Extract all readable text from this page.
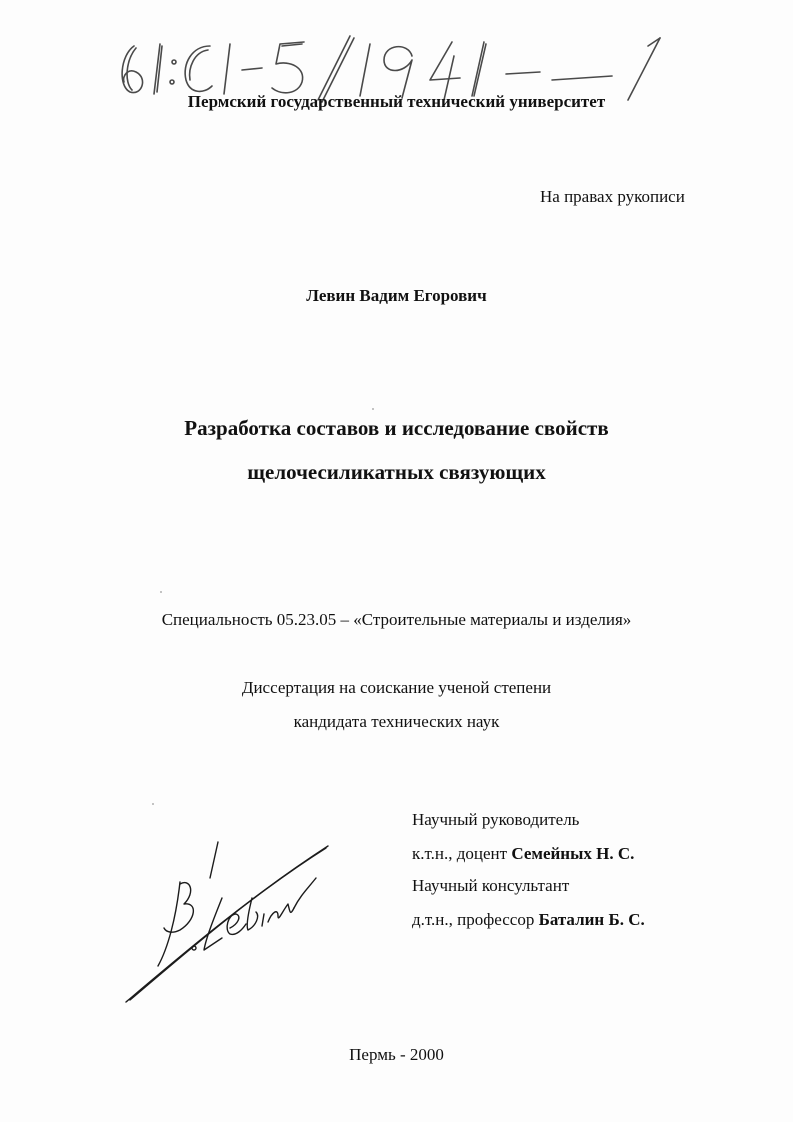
Пермский государственный технический университет
На правах рукописи
Левин Вадим Егорович
Разработка составов и исследование свойств
щелочесиликатных связующих
Специальность 05.23.05 – «Строительные материалы и изделия»
Диссертация на соискание ученой степени
кандидата технических наук
Научный руководитель
к.т.н., доцент Семейных Н. С.
Научный консультант
д.т.н., профессор Баталин Б. С.
Пермь - 2000
